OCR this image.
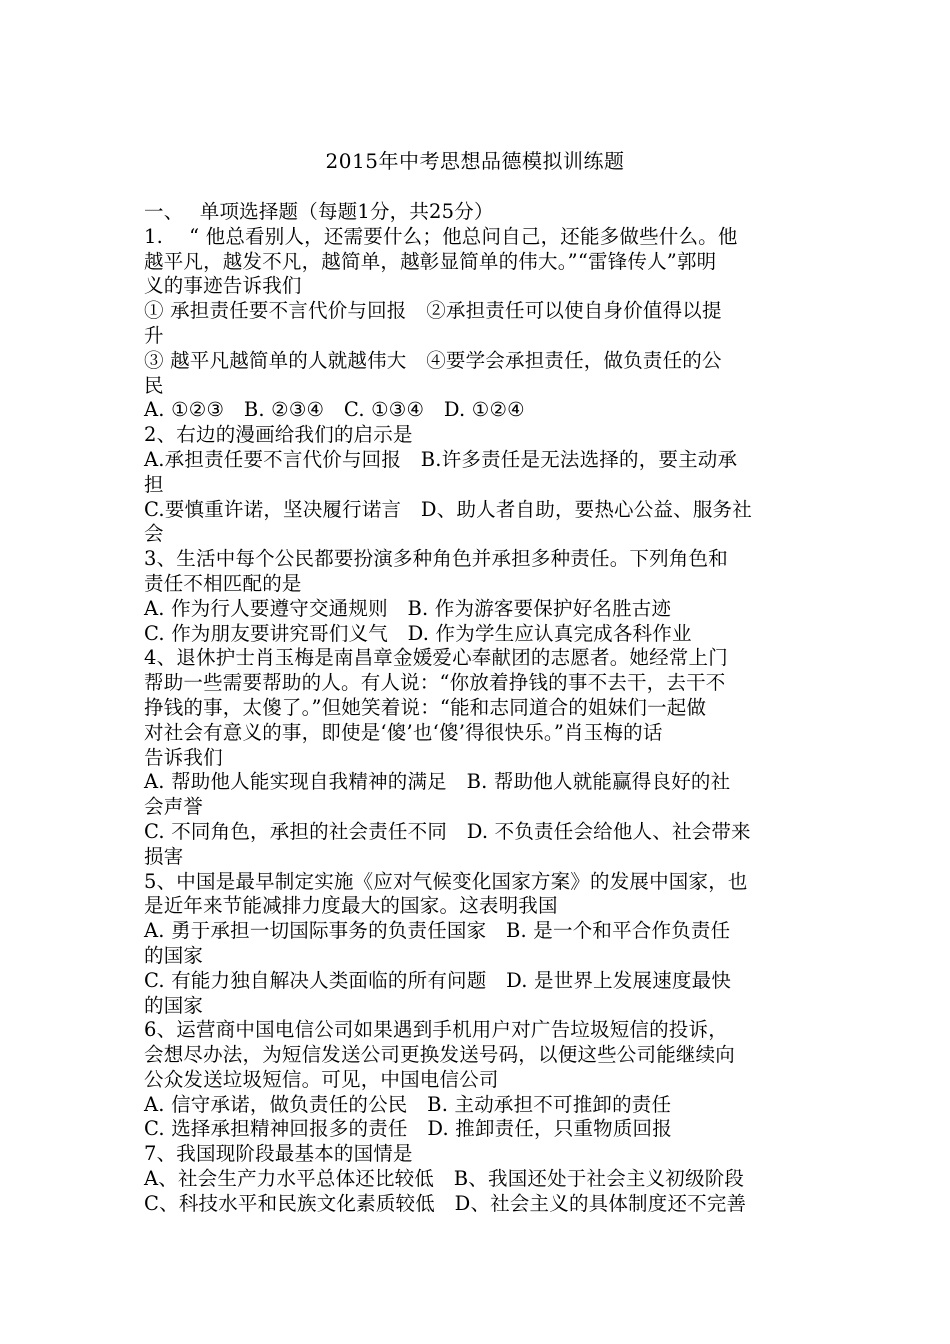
2015年中考思想品德模拟训练题
一、　 单项选择题（每题1分，共25分）
1. 　“ 他总看别人，还需要什么；他总问自己，还能多做些什么。他
越平凡，越发不凡，越简单，越彰显简单的伟大。”“雷锋传人”郭明
义的事迹告诉我们
① 承担责任要不言代价与回报　②承担责任可以使自身价值得以提
升
③ 越平凡越简单的人就越伟大　④要学会承担责任，做负责任的公
民
A. ①②③　B. ②③④　C. ①③④　D. ①②④
2、右边的漫画给我们的启示是
A.承担责任要不言代价与回报　B.许多责任是无法选择的，要主动承
担
C.要慎重许诺，坚决履行诺言　D、助人者自助，要热心公益、服务社
会
3、生活中每个公民都要扮演多种角色并承担多种责任。下列角色和
责任不相匹配的是
A. 作为行人要遵守交通规则　B. 作为游客要保护好名胜古迹
C. 作为朋友要讲究哥们义气　D. 作为学生应认真完成各科作业
4、退休护士肖玉梅是南昌章金媛爱心奉献团的志愿者。她经常上门
帮助一些需要帮助的人。有人说：“你放着挣钱的事不去干，去干不
挣钱的事，太傻了。”但她笑着说：“能和志同道合的姐妹们一起做
对社会有意义的事，即使是‘傻’也‘傻’得很快乐。”肖玉梅的话
告诉我们
A. 帮助他人能实现自我精神的满足　B. 帮助他人就能赢得良好的社
会声誉
C. 不同角色，承担的社会责任不同　D. 不负责任会给他人、社会带来
损害
5、中国是最早制定实施《应对气候变化国家方案》的发展中国家，也
是近年来节能减排力度最大的国家。这表明我国
A. 勇于承担一切国际事务的负责任国家　B. 是一个和平合作负责任
的国家
C. 有能力独自解决人类面临的所有问题　D. 是世界上发展速度最快
的国家
6、运营商中国电信公司如果遇到手机用户对广告垃圾短信的投诉，
会想尽办法，为短信发送公司更换发送号码，以便这些公司能继续向
公众发送垃圾短信。可见，中国电信公司
A. 信守承诺，做负责任的公民　B. 主动承担不可推卸的责任
C. 选择承担精神回报多的责任　D. 推卸责任，只重物质回报
7、我国现阶段最基本的国情是
A、社会生产力水平总体还比较低　B、我国还处于社会主义初级阶段
C、科技水平和民族文化素质较低　D、社会主义的具体制度还不完善
